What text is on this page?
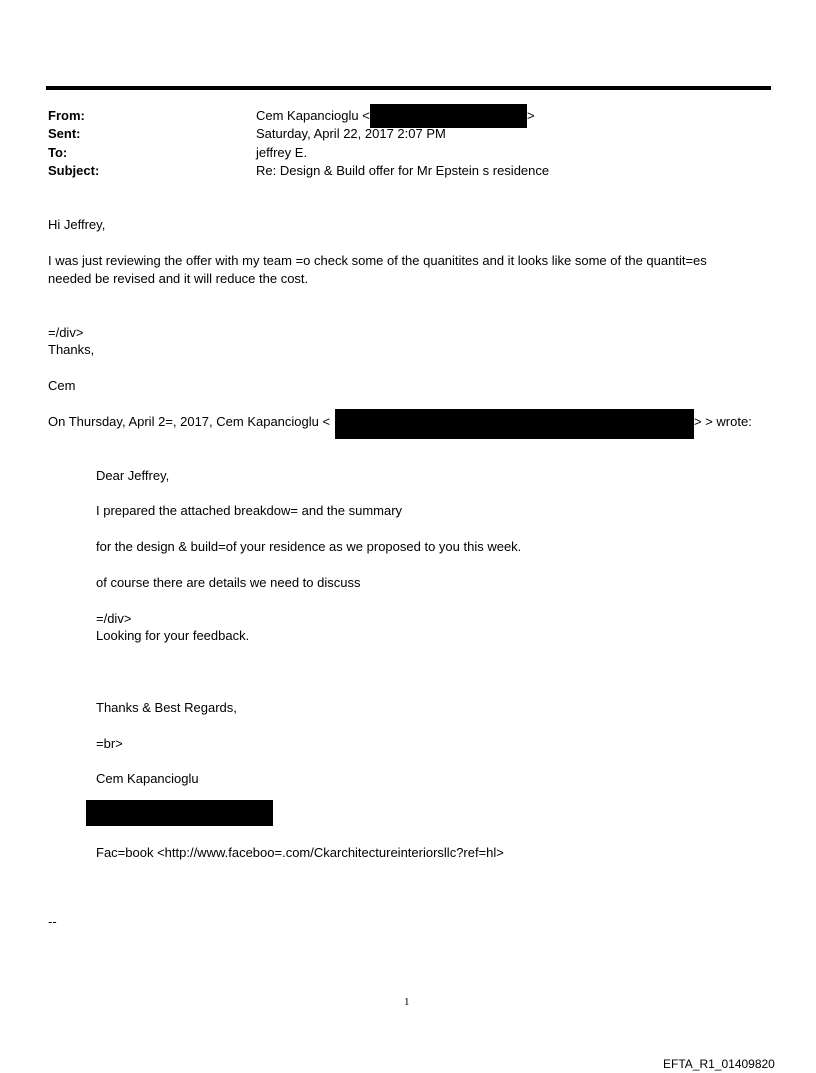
From:	Cem Kapancioglu <	>
Sent:	Saturday, April 22, 2017 2:07 PM
To:	jeffrey E.
Subject:	Re: Design & Build offer for Mr Epstein s residence
Hi Jeffrey,
I was just reviewing the offer with my team =o check some of the quanitites and it looks like some of the quantit=es
needed be revised and it will reduce the cost.
=/div>
Thanks,
Cem
On Thursday, April 2=, 2017, Cem Kapancioglu <	> > wrote:
Dear Jeffrey,
I prepared the attached breakdow= and the summary
for the design & build=of your residence as we proposed to you this week.
of course there are details we need to discuss
=/div>
Looking for your feedback.
Thanks & Best Regards,
=br>
Cem Kapancioglu
Fac=book <http://www.faceboo=.com/Ckarchitectureinteriorsllc?ref=hl>
--
1
EFTA_R1_01409820
